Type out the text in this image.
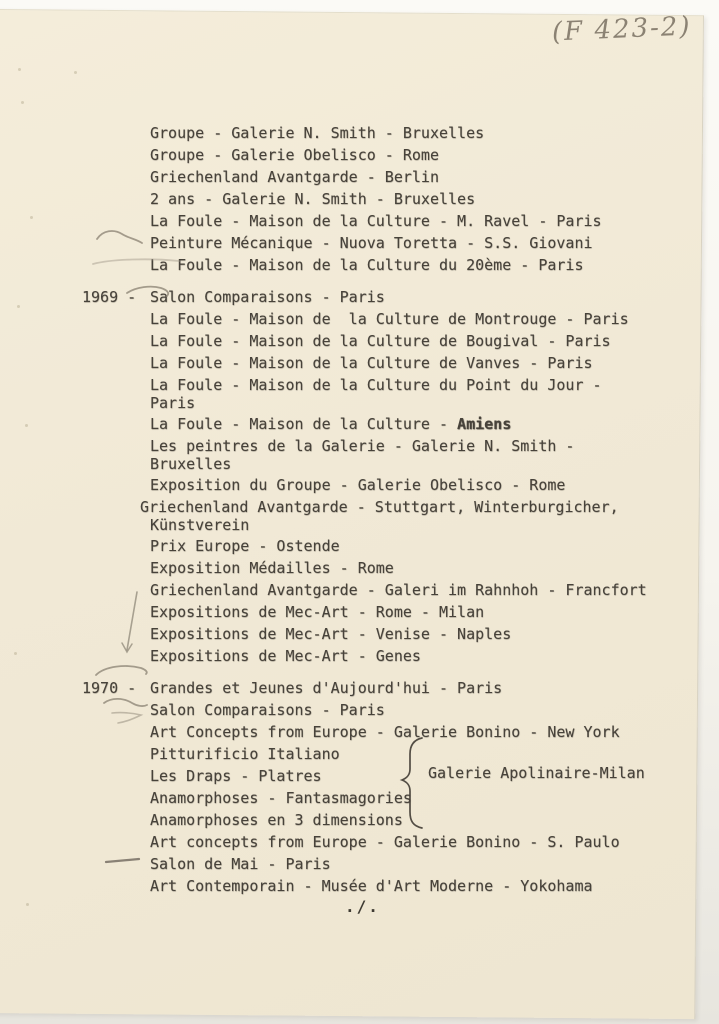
(F 423-2)
Groupe - Galerie N. Smith - Bruxelles
Groupe - Galerie Obelisco - Rome
Griechenland Avantgarde - Berlin
2 ans - Galerie N. Smith - Bruxelles
La Foule - Maison de la Culture - M. Ravel - Paris
Peinture Mécanique - Nuova Toretta - S.S. Giovani
La Foule - Maison de la Culture du 20ème - Paris
1969 - Salon Comparaisons - Paris
La Foule - Maison de  la Culture de Montrouge - Paris
La Foule - Maison de la Culture de Bougival - Paris
La Foule - Maison de la Culture de Vanves - Paris
La Foule - Maison de la Culture du Point du Jour -
Paris
La Foule - Maison de la Culture - Amiens
Les peintres de la Galerie - Galerie N. Smith -
Bruxelles
Exposition du Groupe - Galerie Obelisco - Rome
Griechenland Avantgarde - Stuttgart, Winterburgicher,
Künstverein
Prix Europe - Ostende
Exposition Médailles - Rome
Griechenland Avantgarde - Galeri im Rahnhoh - Francfort
Expositions de Mec-Art - Rome - Milan
Expositions de Mec-Art - Venise - Naples
Expositions de Mec-Art - Genes
1970 - Grandes et Jeunes d'Aujourd'hui - Paris
Salon Comparaisons - Paris
Art Concepts from Europe - Galerie Bonino - New York
Pitturificio Italiano
Les Draps - Platres
Anamorphoses - Fantasmagories
Anamorphoses en 3 dimensions
Art concepts from Europe - Galerie Bonino - S. Paulo
Salon de Mai - Paris
Art Contemporain - Musée d'Art Moderne - Yokohama
Galerie Apolinaire-Milan
./.
